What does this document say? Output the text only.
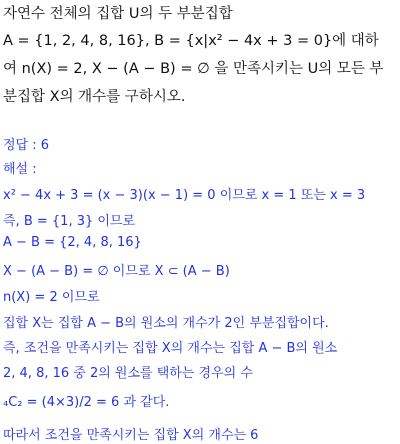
자연수 전체의 집합 U의 두 부분집합
A = {1, 2, 4, 8, 16}, B = {x|x² − 4x + 3 = 0}에 대하
여 n(X) = 2, X − (A − B) = ∅ 을 만족시키는 U의 모든 부
분집합 X의 개수를 구하시오.
정답 : 6
해설 :
x² − 4x + 3 = (x − 3)(x − 1) = 0 이므로 x = 1 또는 x = 3
즉, B = {1, 3} 이므로
A − B = {2, 4, 8, 16}
X − (A − B) = ∅ 이므로 X ⊂ (A − B)
n(X) = 2 이므로
집합 X는 집합 A − B의 원소의 개수가 2인 부분집합이다.
즉, 조건을 만족시키는 집합 X의 개수는 집합 A − B의 원소
2, 4, 8, 16 중 2의 원소를 택하는 경우의 수
₄C₂ = (4×3)/2 = 6 과 같다.
따라서 조건을 만족시키는 집합 X의 개수는 6
